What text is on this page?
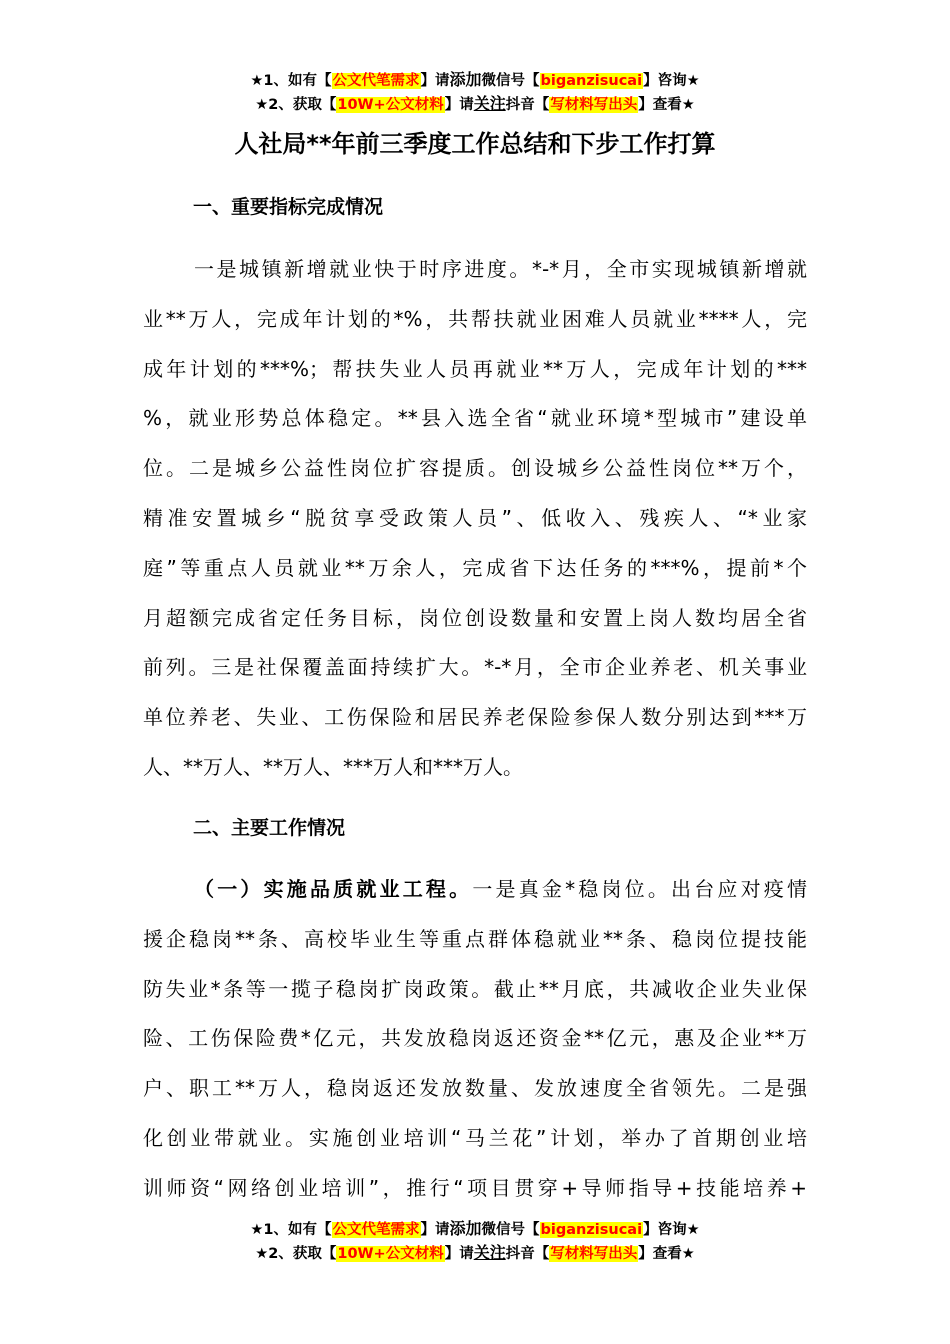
★1、如有【公文代笔需求】请添加微信号【biganzisucai】咨询★
★2、获取【10W+公文材料】请关注抖音【写材料写出头】查看★
人社局**年前三季度工作总结和下步工作打算
一、重要指标完成情况
一是城镇新增就业快于时序进度。*-*月，全市实现城镇新增就
业**万人，完成年计划的*%，共帮扶就业困难人员就业****人，完
成年计划的***%；帮扶失业人员再就业**万人，完成年计划的***
%，就业形势总体稳定。**县入选全省“就业环境*型城市”建设单
位。二是城乡公益性岗位扩容提质。创设城乡公益性岗位**万个，
精准安置城乡“脱贫享受政策人员”、低收入、残疾人、“*业家
庭”等重点人员就业**万余人，完成省下达任务的***%，提前*个
月超额完成省定任务目标，岗位创设数量和安置上岗人数均居全省
前列。三是社保覆盖面持续扩大。*-*月，全市企业养老、机关事业
单位养老、失业、工伤保险和居民养老保险参保人数分别达到***万
人、**万人、**万人、***万人和***万人。
二、主要工作情况
（一）实施品质就业工程。一是真金*稳岗位。出台应对疫情
援企稳岗**条、高校毕业生等重点群体稳就业**条、稳岗位提技能
防失业*条等一揽子稳岗扩岗政策。截止**月底，共减收企业失业保
险、工伤保险费*亿元，共发放稳岗返还资金**亿元，惠及企业**万
户、职工**万人，稳岗返还发放数量、发放速度全省领先。二是强
化创业带就业。实施创业培训“马兰花”计划，举办了首期创业培
训师资“网络创业培训”，推行“项目贯穿+导师指导+技能培养+
★1、如有【公文代笔需求】请添加微信号【biganzisucai】咨询★
★2、获取【10W+公文材料】请关注抖音【写材料写出头】查看★
